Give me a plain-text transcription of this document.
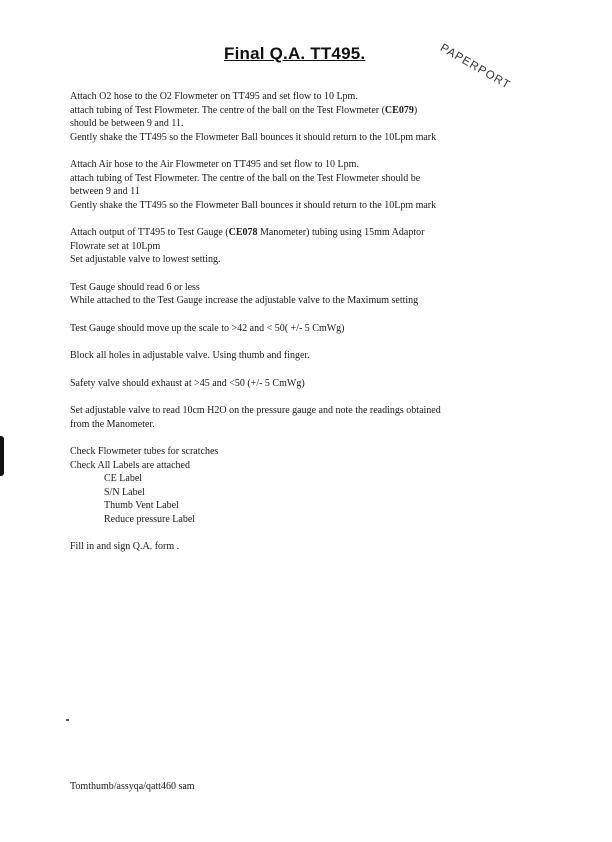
Final Q.A. TT495.	PAPERPORT

Attach O2 hose to the O2 Flowmeter on TT495 and set flow to 10 Lpm.

attach tubing of Test Flowmeter. The centre of the ball on the Test Flowmeter (CE079)

should be between 9 and 11.

Gently shake the TT495 so the Flowmeter Ball bounces it should return to the 10Lpm mark

Attach Air hose to the Air Flowmeter on TT495 and set flow to 10 Lpm.

attach tubing of Test Flowmeter. The centre of the ball on the Test Flowmeter should be

between 9 and 11

Gently shake the TT495 so the Flowmeter Ball bounces it should return to the 10Lpm mark

Attach output of TT495 to Test Gauge (CE078 Manometer) tubing using 15mm Adaptor

Flowrate set at 10Lpm

Set adjustable valve to lowest setting.

Test Gauge should read 6 or less

While attached to the Test Gauge increase the adjustable valve to the Maximum setting

Test Gauge should move up the scale to >42 and < 50( +/- 5 CmWg)

Block all holes in adjustable valve. Using thumb and finger.

Safety valve should exhaust at >45 and <50 (+/- 5 CmWg)

Set adjustable valve to read 10cm H2O on the pressure gauge and note the readings obtained

from the Manometer.

Check Flowmeter tubes for scratches

Check All Labels are attached

CE Label

S/N Label

Thumb Vent Label

Reduce pressure Label

Fill in and sign Q.A. form .

Tomthumb/assyqa/qatt460 sam
